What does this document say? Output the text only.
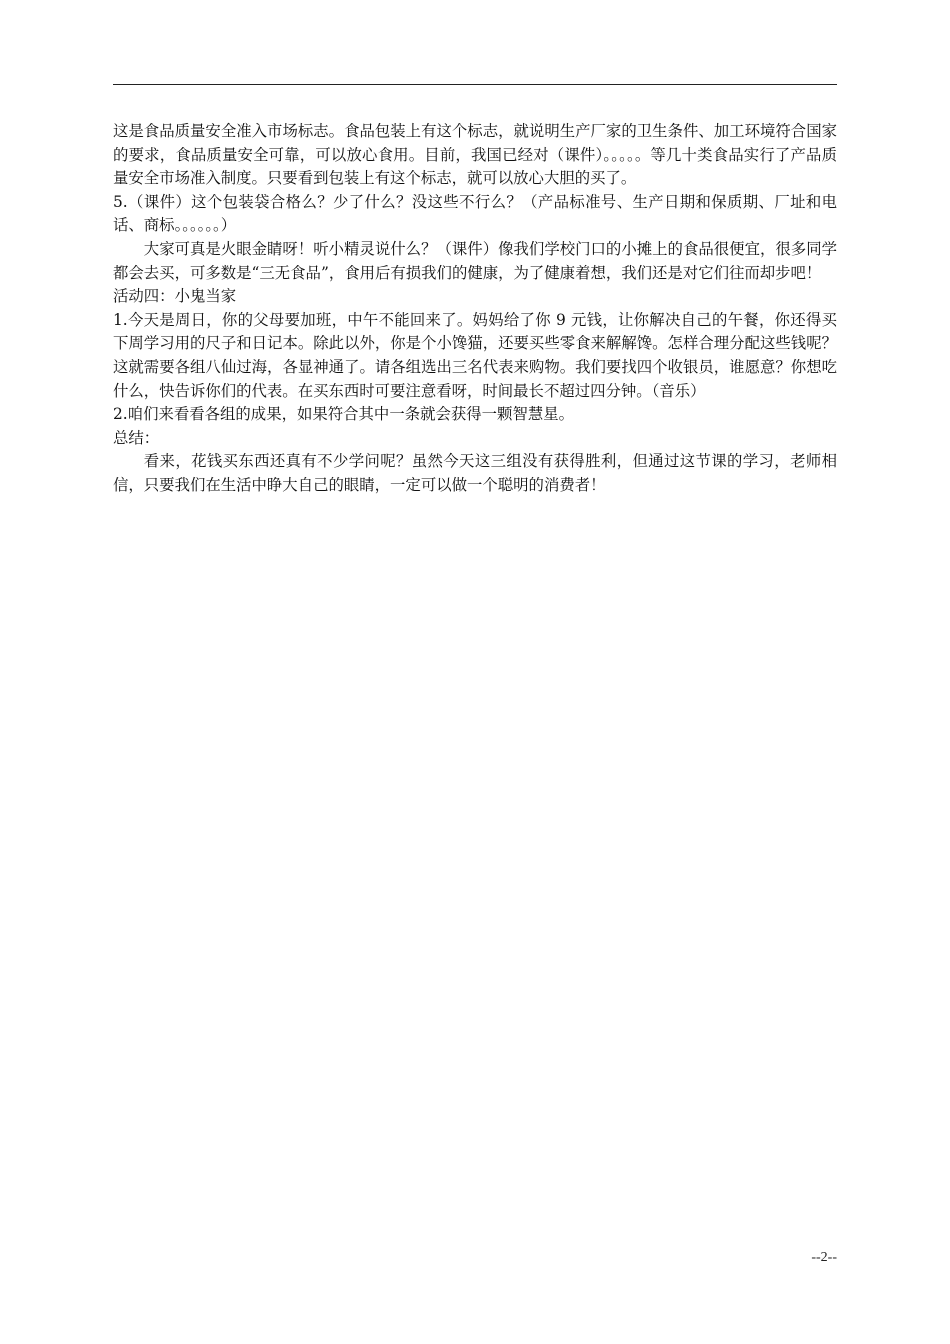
这是食品质量安全准入市场标志。食品包装上有这个标志，就说明生产厂家的卫生条件、加工环境符合国家的要求，食品质量安全可靠，可以放心食用。目前，我国已经对（课件）。。。。。等几十类食品实行了产品质量安全市场准入制度。只要看到包装上有这个标志，就可以放心大胆的买了。

5.（课件）这个包装袋合格么？少了什么？没这些不行么？（产品标准号、生产日期和保质期、厂址和电话、商标。。。。。。）

大家可真是火眼金睛呀！听小精灵说什么？（课件）像我们学校门口的小摊上的食品很便宜，很多同学都会去买，可多数是“三无食品”，食用后有损我们的健康，为了健康着想，我们还是对它们往而却步吧！

活动四：小鬼当家

1.今天是周日，你的父母要加班，中午不能回来了。妈妈给了你 9 元钱，让你解决自己的午餐，你还得买下周学习用的尺子和日记本。除此以外，你是个小馋猫，还要买些零食来解解馋。怎样合理分配这些钱呢？这就需要各组八仙过海，各显神通了。请各组选出三名代表来购物。我们要找四个收银员，谁愿意？你想吃什么，快告诉你们的代表。在买东西时可要注意看呀，时间最长不超过四分钟。（音乐）

2.咱们来看看各组的成果，如果符合其中一条就会获得一颗智慧星。

总结：

看来，花钱买东西还真有不少学问呢？虽然今天这三组没有获得胜利，但通过这节课的学习，老师相信，只要我们在生活中睁大自己的眼睛，一定可以做一个聪明的消费者！

--2--
